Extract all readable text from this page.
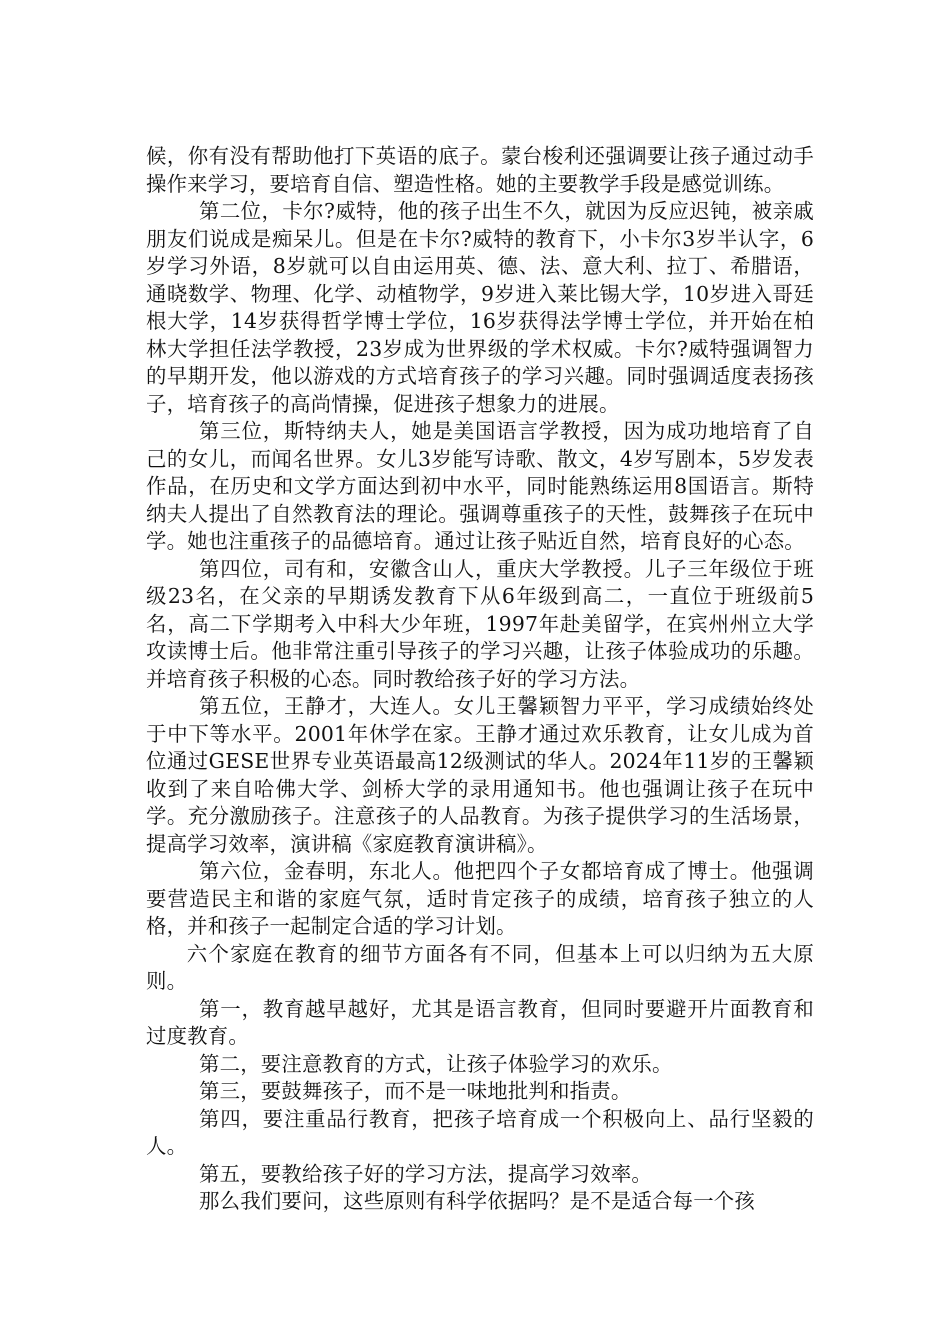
候，你有没有帮助他打下英语的底子。蒙台梭利还强调要让孩子通过动手操作来学习，要培育自信、塑造性格。她的主要教学手段是感觉训练。

第二位，卡尔?威特，他的孩子出生不久，就因为反应迟钝，被亲戚朋友们说成是痴呆儿。但是在卡尔?威特的教育下，小卡尔3岁半认字，6岁学习外语，8岁就可以自由运用英、德、法、意大利、拉丁、希腊语，通晓数学、物理、化学、动植物学，9岁进入莱比锡大学，10岁进入哥廷根大学，14岁获得哲学博士学位，16岁获得法学博士学位，并开始在柏林大学担任法学教授，23岁成为世界级的学术权威。卡尔?威特强调智力的早期开发，他以游戏的方式培育孩子的学习兴趣。同时强调适度表扬孩子，培育孩子的高尚情操，促进孩子想象力的进展。

第三位，斯特纳夫人，她是美国语言学教授，因为成功地培育了自己的女儿，而闻名世界。女儿3岁能写诗歌、散文，4岁写剧本，5岁发表作品，在历史和文学方面达到初中水平，同时能熟练运用8国语言。斯特纳夫人提出了自然教育法的理论。强调尊重孩子的天性，鼓舞孩子在玩中学。她也注重孩子的品德培育。通过让孩子贴近自然，培育良好的心态。

第四位，司有和，安徽含山人，重庆大学教授。儿子三年级位于班级23名，在父亲的早期诱发教育下从6年级到高二，一直位于班级前5名，高二下学期考入中科大少年班，1997年赴美留学，在宾州州立大学攻读博士后。他非常注重引导孩子的学习兴趣，让孩子体验成功的乐趣。并培育孩子积极的心态。同时教给孩子好的学习方法。

第五位，王静才，大连人。女儿王馨颖智力平平，学习成绩始终处于中下等水平。2001年休学在家。王静才通过欢乐教育，让女儿成为首位通过GESE世界专业英语最高12级测试的华人。2024年11岁的王馨颖收到了来自哈佛大学、剑桥大学的录用通知书。他也强调让孩子在玩中学。充分激励孩子。注意孩子的人品教育。为孩子提供学习的生活场景，提高学习效率，演讲稿《家庭教育演讲稿》。

第六位，金春明，东北人。他把四个子女都培育成了博士。他强调要营造民主和谐的家庭气氛，适时肯定孩子的成绩，培育孩子独立的人格，并和孩子一起制定合适的学习计划。

六个家庭在教育的细节方面各有不同，但基本上可以归纳为五大原则。

第一，教育越早越好，尤其是语言教育，但同时要避开片面教育和过度教育。

第二，要注意教育的方式，让孩子体验学习的欢乐。

第三，要鼓舞孩子，而不是一味地批判和指责。

第四，要注重品行教育，把孩子培育成一个积极向上、品行坚毅的人。

第五，要教给孩子好的学习方法，提高学习效率。

那么我们要问，这些原则有科学依据吗？是不是适合每一个孩
